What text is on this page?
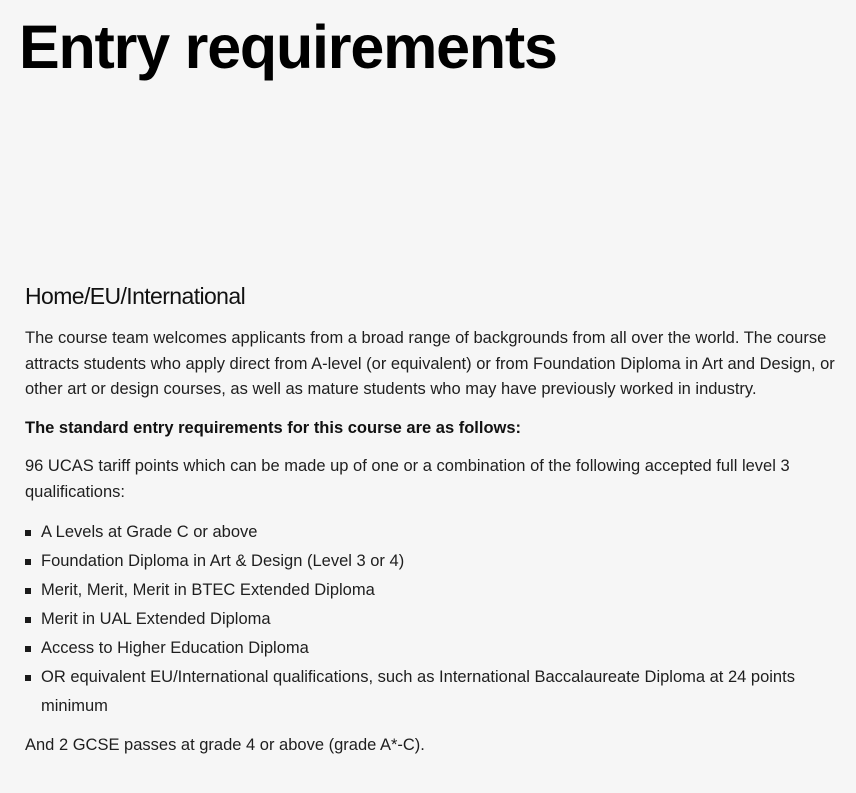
Entry requirements
Home/EU/International

The course team welcomes applicants from a broad range of backgrounds from all over the world. The course attracts students who apply direct from A-level (or equivalent) or from Foundation Diploma in Art and Design, or other art or design courses, as well as mature students who may have previously worked in industry.

The standard entry requirements for this course are as follows:

96 UCAS tariff points which can be made up of one or a combination of the following accepted full level 3 qualifications:

A Levels at Grade C or above
Foundation Diploma in Art & Design (Level 3 or 4)
Merit, Merit, Merit in BTEC Extended Diploma
Merit in UAL Extended Diploma
Access to Higher Education Diploma
OR equivalent EU/International qualifications, such as International Baccalaureate Diploma at 24 points minimum

And 2 GCSE passes at grade 4 or above (grade A*-C).
